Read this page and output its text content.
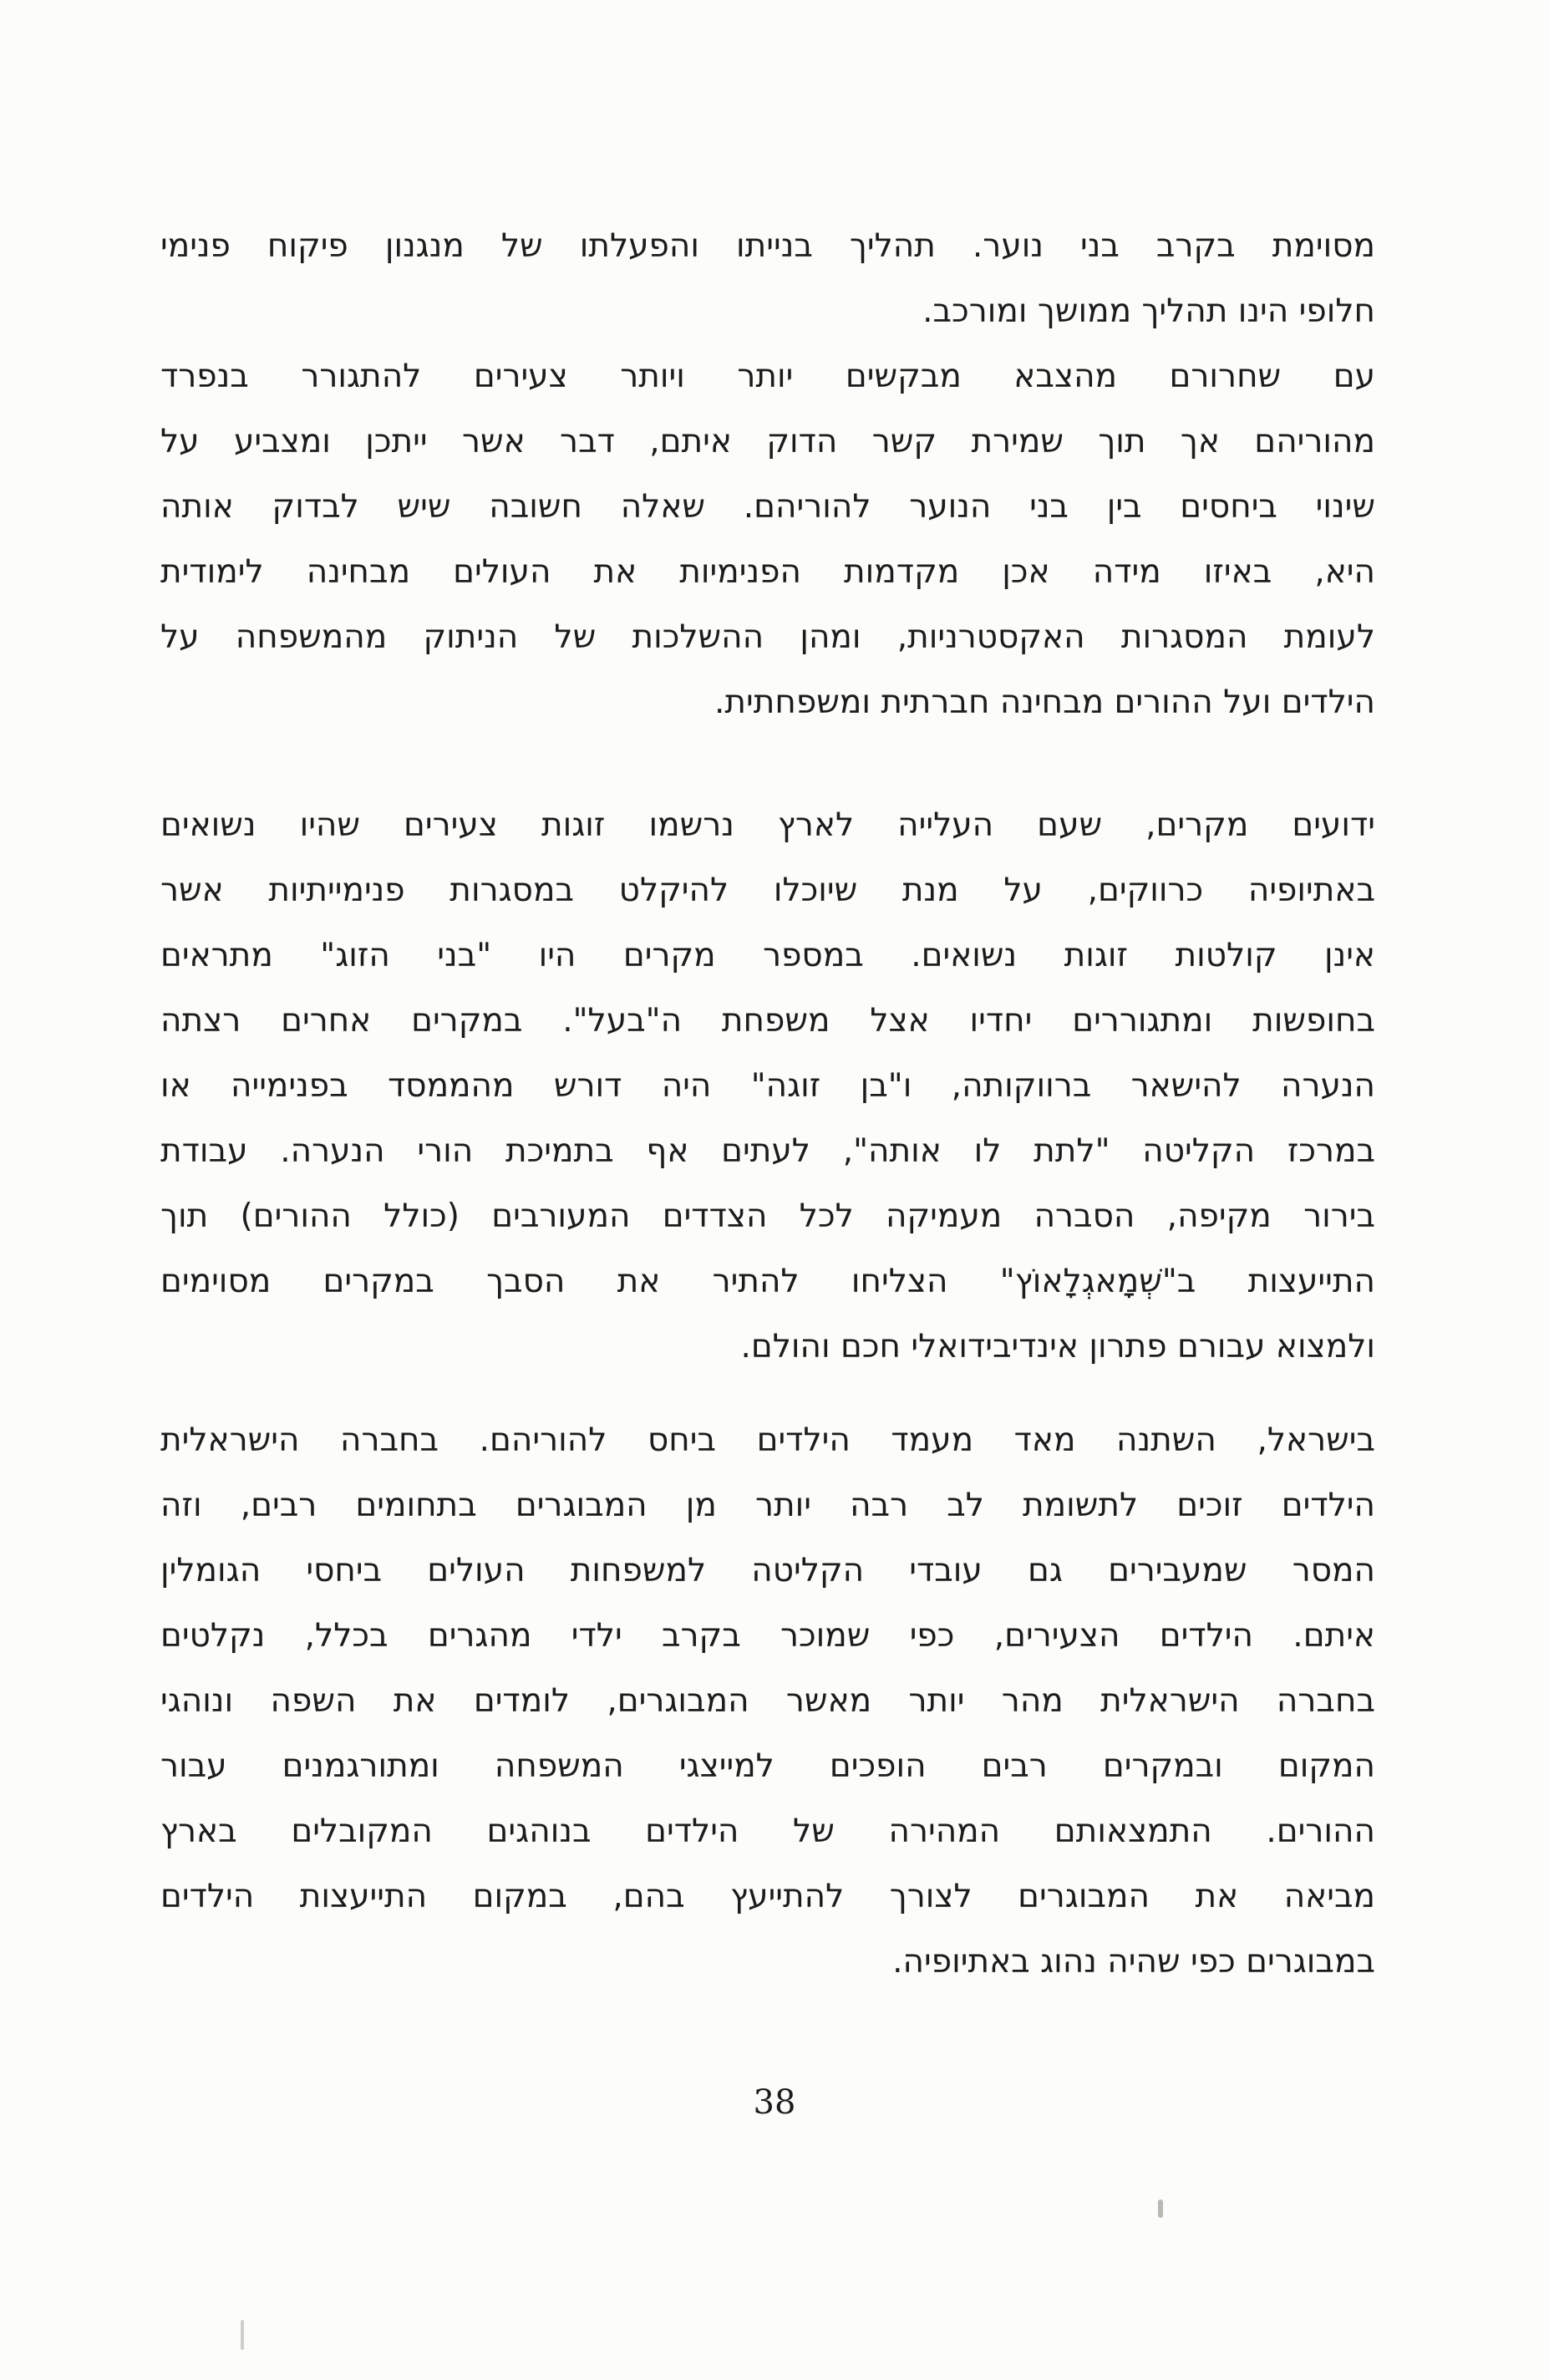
מסוימת בקרב בני נוער. תהליך בנייתו והפעלתו של מנגנון פיקוח פנימי
חלופי הינו תהליך ממושך ומורכב.
עם שחרורם מהצבא מבקשים יותר ויותר צעירים להתגורר בנפרד
מהוריהם אך תוך שמירת קשר הדוק איתם, דבר אשר ייתכן ומצביע על
שינוי ביחסים בין בני הנוער להוריהם. שאלה חשובה שיש לבדוק אותה
היא, באיזו מידה אכן מקדמות הפנימיות את העולים מבחינה לימודית
לעומת המסגרות האקסטרניות, ומהן ההשלכות של הניתוק מהמשפחה על
הילדים ועל ההורים מבחינה חברתית ומשפחתית.
ידועים מקרים, שעם העלייה לארץ נרשמו זוגות צעירים שהיו נשואים
באתיופיה כרווקים, על מנת שיוכלו להיקלט במסגרות פנימייתיות אשר
אינן קולטות זוגות נשואים. במספר מקרים היו "בני הזוג" מתראים
בחופשות ומתגוררים יחדיו אצל משפחת ה"בעל". במקרים אחרים רצתה
הנערה להישאר ברווקותה, ו"בן זוגה" היה דורש מהממסד בפנימייה או
במרכז הקליטה "לתת לו אותה", לעתים אף בתמיכת הורי הנערה. עבודת
בירור מקיפה, הסברה מעמיקה לכל הצדדים המעורבים (כולל ההורים) תוך
התייעצות ב"שְׁמָאגְלָאוֹץ" הצליחו להתיר את הסבך במקרים מסוימים
ולמצוא עבורם פתרון אינדיבידואלי חכם והולם.
בישראל, השתנה מאד מעמד הילדים ביחס להוריהם. בחברה הישראלית
הילדים זוכים לתשומת לב רבה יותר מן המבוגרים בתחומים רבים, וזה
המסר שמעבירים גם עובדי הקליטה למשפחות העולים ביחסי הגומלין
איתם. הילדים הצעירים, כפי שמוכר בקרב ילדי מהגרים בכלל, נקלטים
בחברה הישראלית מהר יותר מאשר המבוגרים, לומדים את השפה ונוהגי
המקום ובמקרים רבים הופכים למייצגי המשפחה ומתורגמנים עבור
ההורים. התמצאותם המהירה של הילדים בנוהגים המקובלים בארץ
מביאה את המבוגרים לצורך להתייעץ בהם, במקום התייעצות הילדים
במבוגרים כפי שהיה נהוג באתיופיה.
38
